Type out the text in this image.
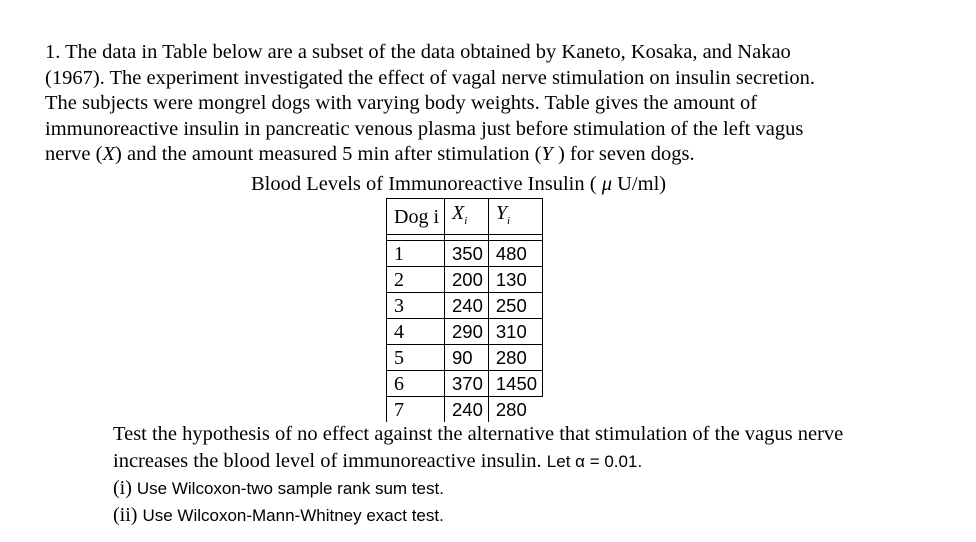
1. The data in Table below are a subset of the data obtained by Kaneto, Kosaka, and Nakao
(1967). The experiment investigated the effect of vagal nerve stimulation on insulin secretion.
The subjects were mongrel dogs with varying body weights. Table gives the amount of
immunoreactive insulin in pancreatic venous plasma just before stimulation of the left vagus
nerve (X) and the amount measured 5 min after stimulation (Y ) for seven dogs.
Blood Levels of Immunoreactive Insulin ( μ U/ml)
Dog i	$X_i$	$Y_i$

1	350	480
2	200	130
3	240	250
4	290	310
5	90	280
6	370	1450
7	240	280
Test the hypothesis of no effect against the alternative that stimulation of the vagus nerve
increases the blood level of immunoreactive insulin. Let α = 0.01.
(i) Use Wilcoxon-two sample rank sum test.
(ii) Use Wilcoxon-Mann-Whitney exact test.
